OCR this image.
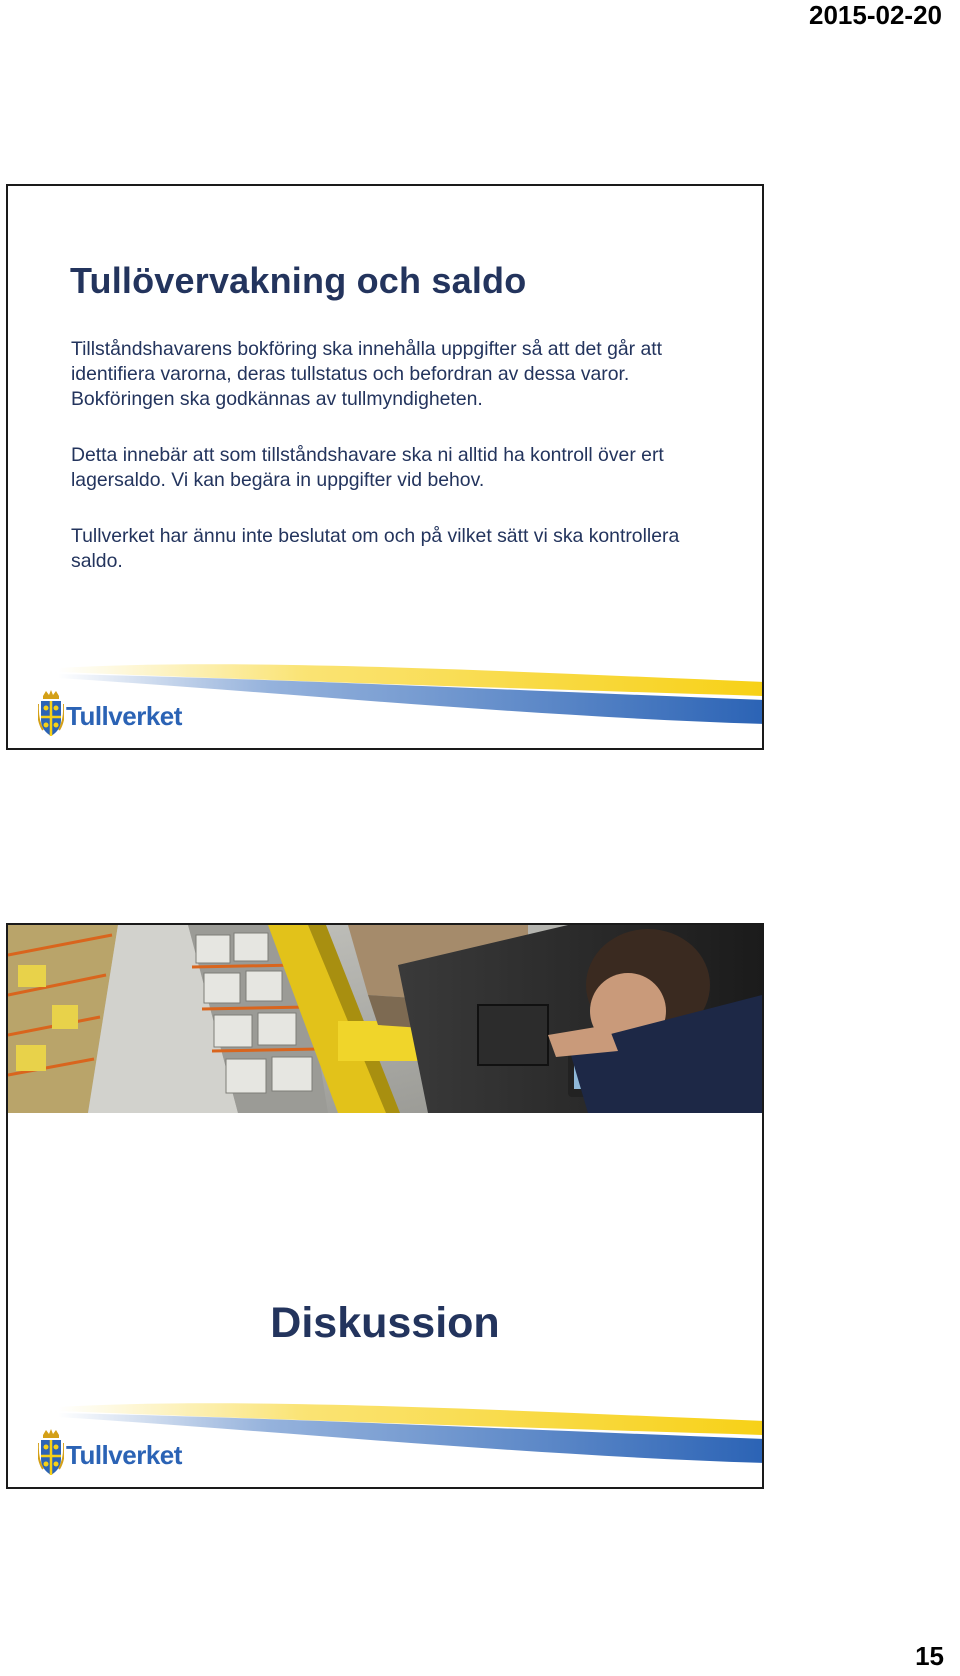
2015-02-20
Tullövervakning och saldo

Tillståndshavarens bokföring ska innehålla uppgifter så att det går att identifiera varorna, deras tullstatus och befordran av dessa varor. Bokföringen ska godkännas av tullmyndigheten.

Detta innebär att som tillståndshavare ska ni alltid ha kontroll över ert lagersaldo. Vi kan begära in uppgifter vid behov.

Tullverket har ännu inte beslutat om och på vilket sätt vi ska kontrollera saldo.

Tullverket
Diskussion
Tullverket
15
